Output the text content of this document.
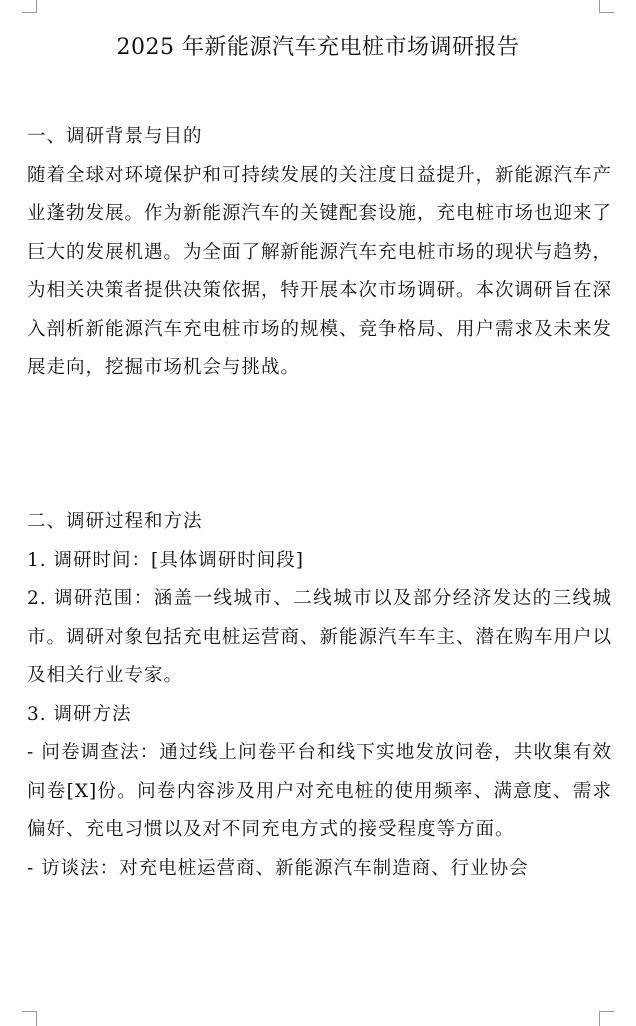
2025 年新能源汽车充电桩市场调研报告
一、调研背景与目的
随着全球对环境保护和可持续发展的关注度日益提升，新能源汽车产业蓬勃发展。作为新能源汽车的关键配套设施，充电桩市场也迎来了巨大的发展机遇。为全面了解新能源汽车充电桩市场的现状与趋势，为相关决策者提供决策依据，特开展本次市场调研。本次调研旨在深入剖析新能源汽车充电桩市场的规模、竞争格局、用户需求及未来发展走向，挖掘市场机会与挑战。
二、调研过程和方法
1. 调研时间：[具体调研时间段]
2. 调研范围：涵盖一线城市、二线城市以及部分经济发达的三线城市。调研对象包括充电桩运营商、新能源汽车车主、潜在购车用户以及相关行业专家。
3. 调研方法
- 问卷调查法：通过线上问卷平台和线下实地发放问卷，共收集有效问卷[X]份。问卷内容涉及用户对充电桩的使用频率、满意度、需求偏好、充电习惯以及对不同充电方式的接受程度等方面。
- 访谈法：对充电桩运营商、新能源汽车制造商、行业协会
